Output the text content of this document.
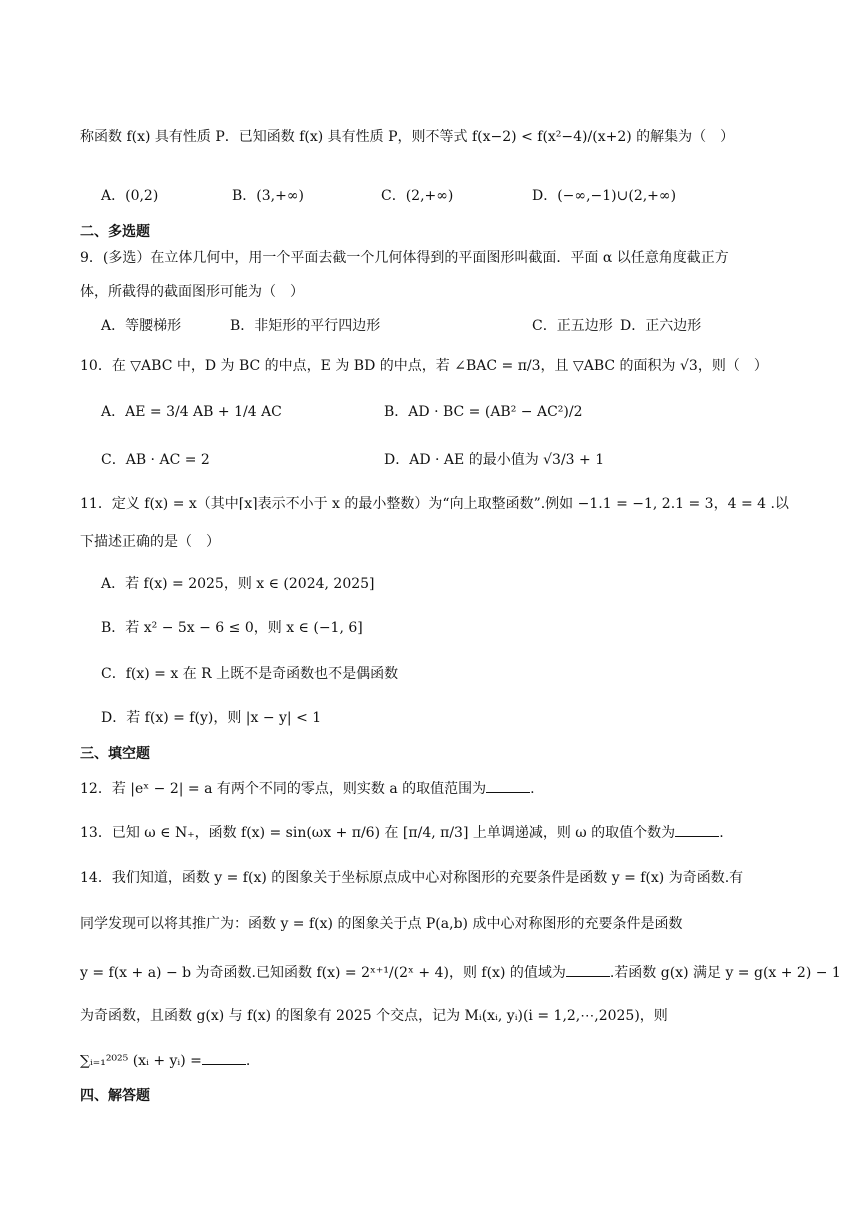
称函数 f(x) 具有性质 P．已知函数 f(x) 具有性质 P，则不等式 f(x−2) < f(x²−4)/(x+2) 的解集为（　）
A．(0,2)	B．(3,+∞)	C．(2,+∞)	D．(−∞,−1)∪(2,+∞)
二、多选题
9．(多选）在立体几何中，用一个平面去截一个几何体得到的平面图形叫截面．平面 α 以任意角度截正方
体，所截得的截面图形可能为（　）
A．等腰梯形	B．非矩形的平行四边形	C．正五边形 D．正六边形
10．在 ▽ABC 中，D 为 BC 的中点，E 为 BD 的中点，若 ∠BAC = π/3，且 ▽ABC 的面积为 √3，则（　）
A．AE = 3/4 AB + 1/4 AC	B．AD · BC = (AB² − AC²)/2
C．AB · AC = 2	D．AD · AE 的最小值为 √3/3 + 1
11．定义 f(x) = x（其中⌈x⌉表示不小于 x 的最小整数）为“向上取整函数”.例如 −1.1 = −1, 2.1 = 3，4 = 4 .以
下描述正确的是（　）
A．若 f(x) = 2025，则 x ∈ (2024, 2025]
B．若 x² − 5x − 6 ≤ 0，则 x ∈ (−1, 6]
C．f(x) = x 在 R 上既不是奇函数也不是偶函数
D．若 f(x) = f(y)，则 |x − y| < 1
三、填空题
12．若 |eˣ − 2| = a 有两个不同的零点，则实数 a 的取值范围为	.
13．已知 ω ∈ N₊，函数 f(x) = sin(ωx + π/6) 在 [π/4, π/3] 上单调递减，则 ω 的取值个数为	.
14．我们知道，函数 y = f(x) 的图象关于坐标原点成中心对称图形的充要条件是函数 y = f(x) 为奇函数.有
同学发现可以将其推广为：函数 y = f(x) 的图象关于点 P(a,b) 成中心对称图形的充要条件是函数
y = f(x + a) − b 为奇函数.已知函数 f(x) = 2ˣ⁺¹/(2ˣ + 4)，则 f(x) 的值域为	.若函数 g(x) 满足 y = g(x + 2) − 1
为奇函数，且函数 g(x) 与 f(x) 的图象有 2025 个交点，记为 Mᵢ(xᵢ, yᵢ)(i = 1,2,⋯,2025)，则
∑ᵢ₌₁²⁰²⁵ (xᵢ + yᵢ) =	.
四、解答题
